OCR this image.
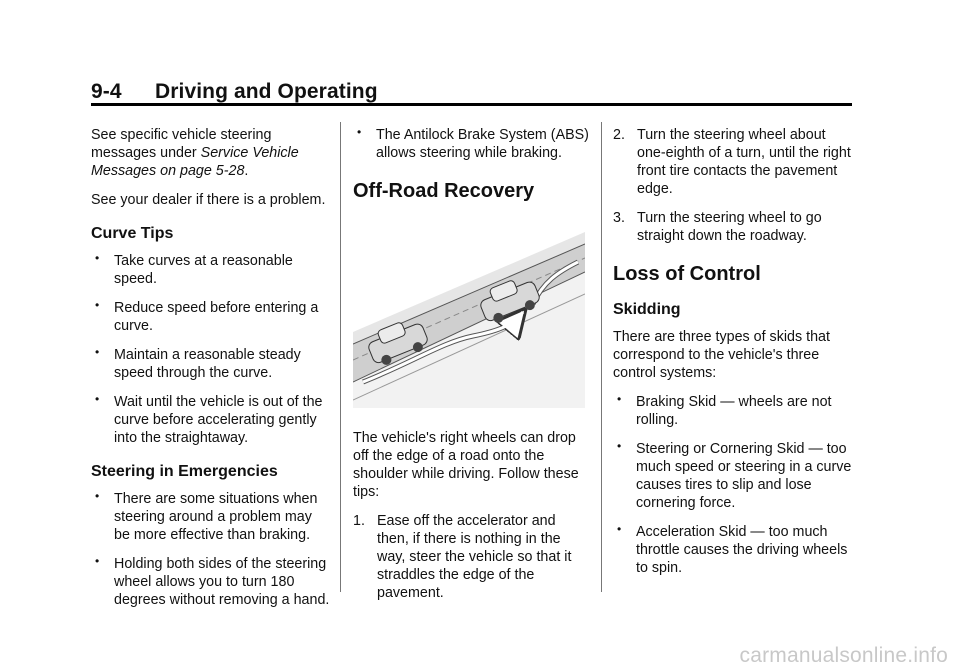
9-4 Driving and Operating

See specific vehicle steering messages under Service Vehicle Messages on page 5-28.

See your dealer if there is a problem.

Curve Tips
• Take curves at a reasonable speed.
• Reduce speed before entering a curve.
• Maintain a reasonable steady speed through the curve.
• Wait until the vehicle is out of the curve before accelerating gently into the straightaway.
Steering in Emergencies
• There are some situations when steering around a problem may be more effective than braking.
• Holding both sides of the steering wheel allows you to turn 180 degrees without removing a hand.
• The Antilock Brake System (ABS) allows steering while braking.
Off-Road Recovery

The vehicle's right wheels can drop off the edge of a road onto the shoulder while driving. Follow these tips:

1. Ease off the accelerator and then, if there is nothing in the way, steer the vehicle so that it straddles the edge of the pavement.
2. Turn the steering wheel about one-eighth of a turn, until the right front tire contacts the pavement edge.
3. Turn the steering wheel to go straight down the roadway.
Loss of Control
Skidding

There are three types of skids that correspond to the vehicle's three control systems:

• Braking Skid — wheels are not rolling.
• Steering or Cornering Skid — too much speed or steering in a curve causes tires to slip and lose cornering force.
• Acceleration Skid — too much throttle causes the driving wheels to spin.
carmanualsonline.info
